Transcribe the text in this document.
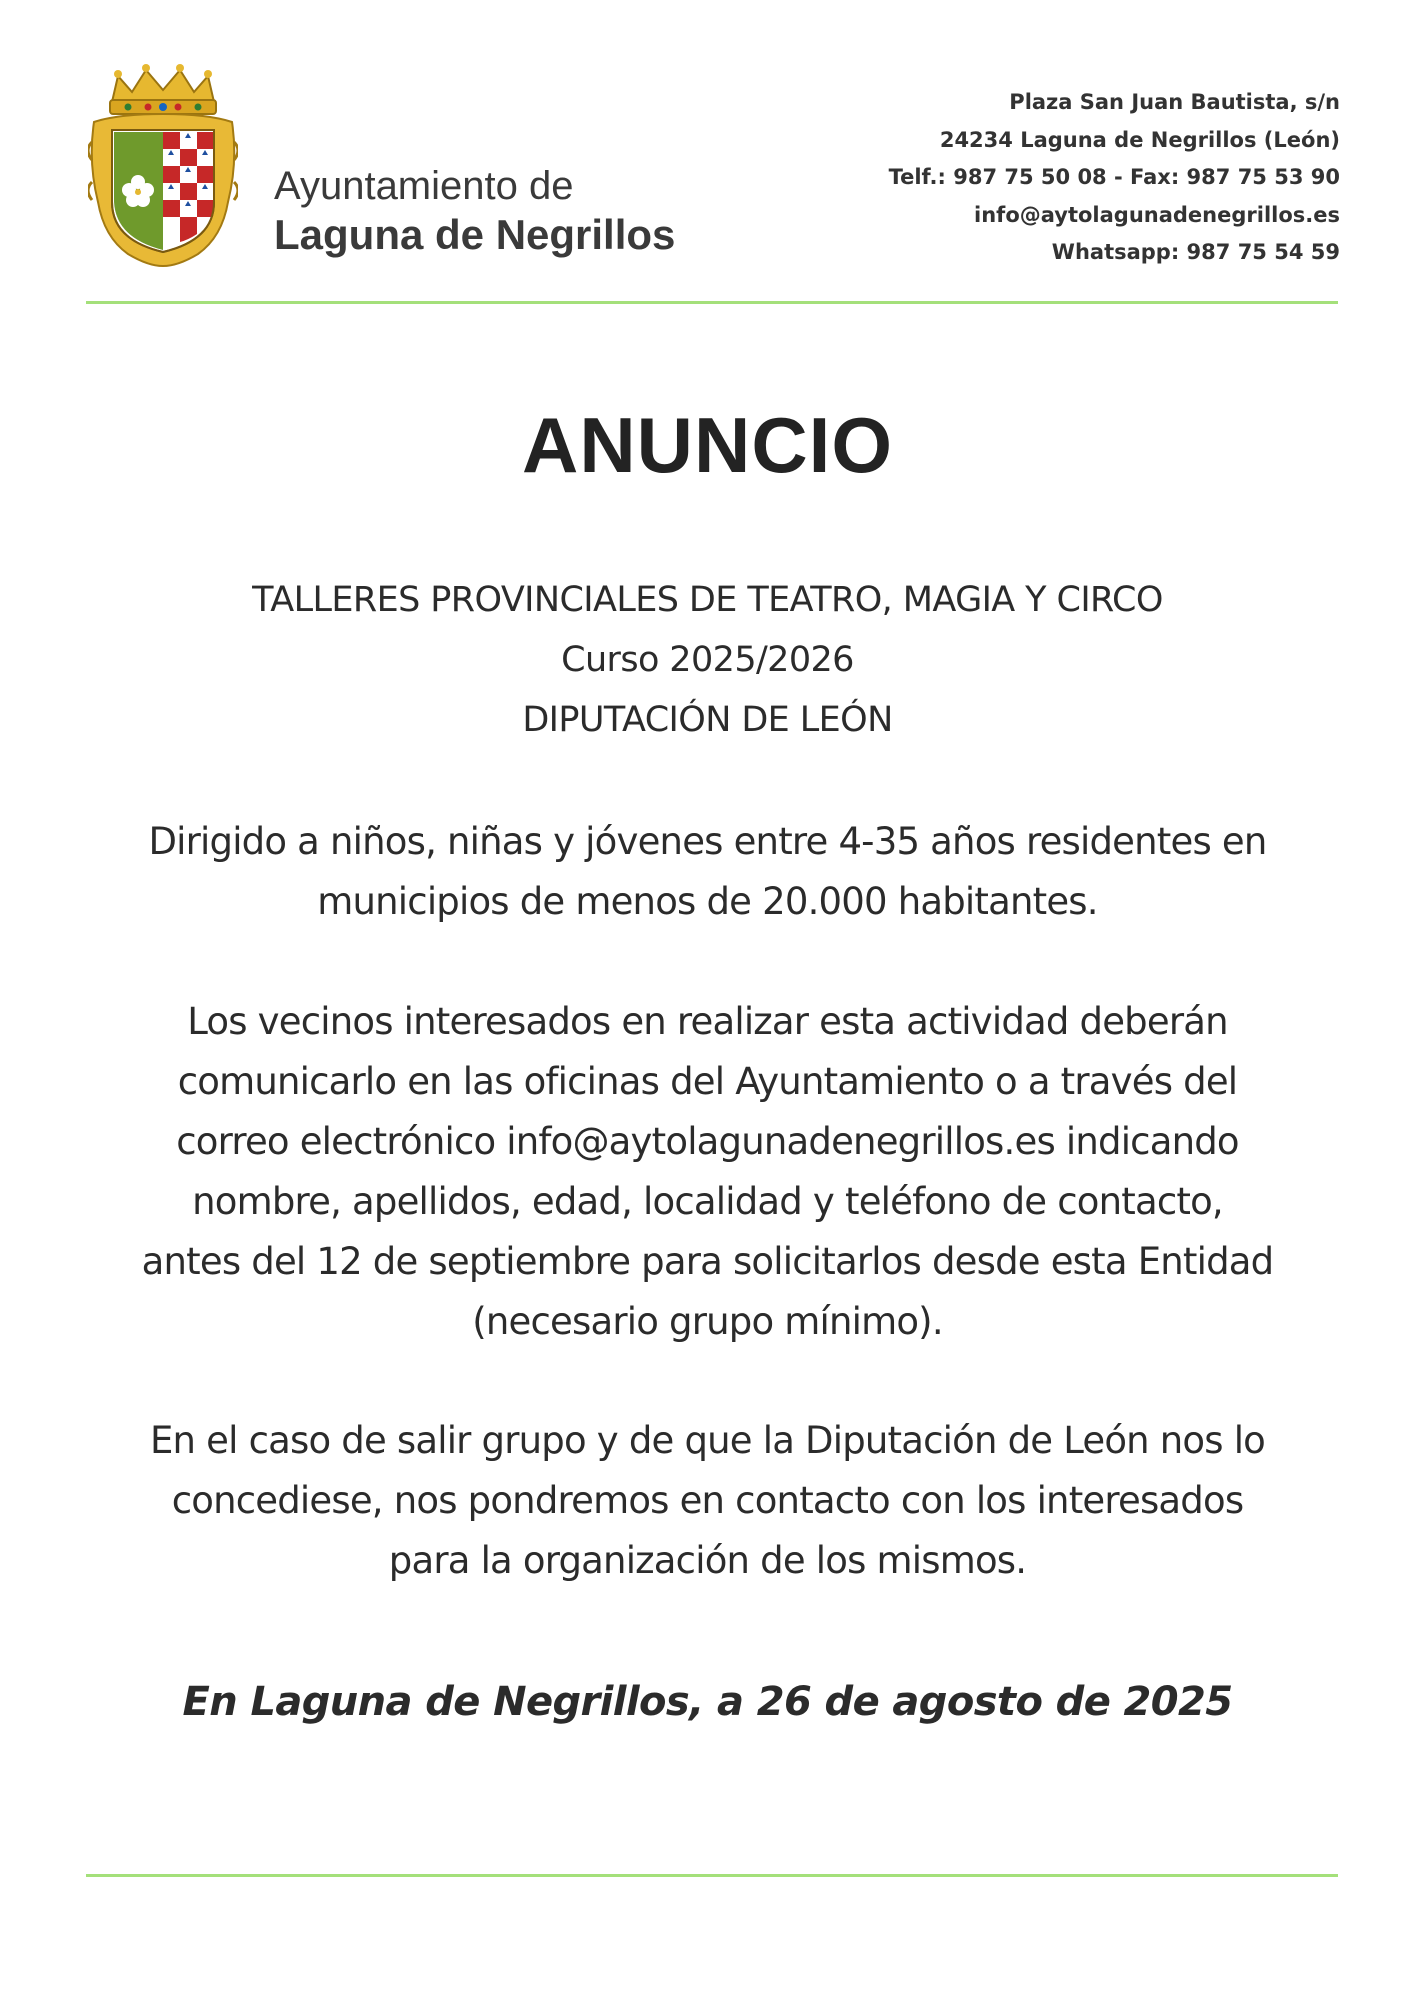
Ayuntamiento de
Laguna de Negrillos
Plaza San Juan Bautista, s/n
24234 Laguna de Negrillos (León)
Telf.: 987 75 50 08 - Fax: 987 75 53 90
info@aytolagunadenegrillos.es
Whatsapp: 987 75 54 59
ANUNCIO
TALLERES PROVINCIALES DE TEATRO, MAGIA Y CIRCO
Curso 2025/2026
DIPUTACIÓN DE LEÓN
Dirigido a niños, niñas y jóvenes entre 4-35 años residentes en
municipios de menos de 20.000 habitantes.
Los vecinos interesados en realizar esta actividad deberán
comunicarlo en las oficinas del Ayuntamiento o a través del
correo electrónico info@aytolagunadenegrillos.es indicando
nombre, apellidos, edad, localidad y teléfono de contacto,
antes del 12 de septiembre para solicitarlos desde esta Entidad
(necesario grupo mínimo).
En el caso de salir grupo y de que la Diputación de León nos lo
concediese, nos pondremos en contacto con los interesados
para la organización de los mismos.
En Laguna de Negrillos, a 26 de agosto de 2025
